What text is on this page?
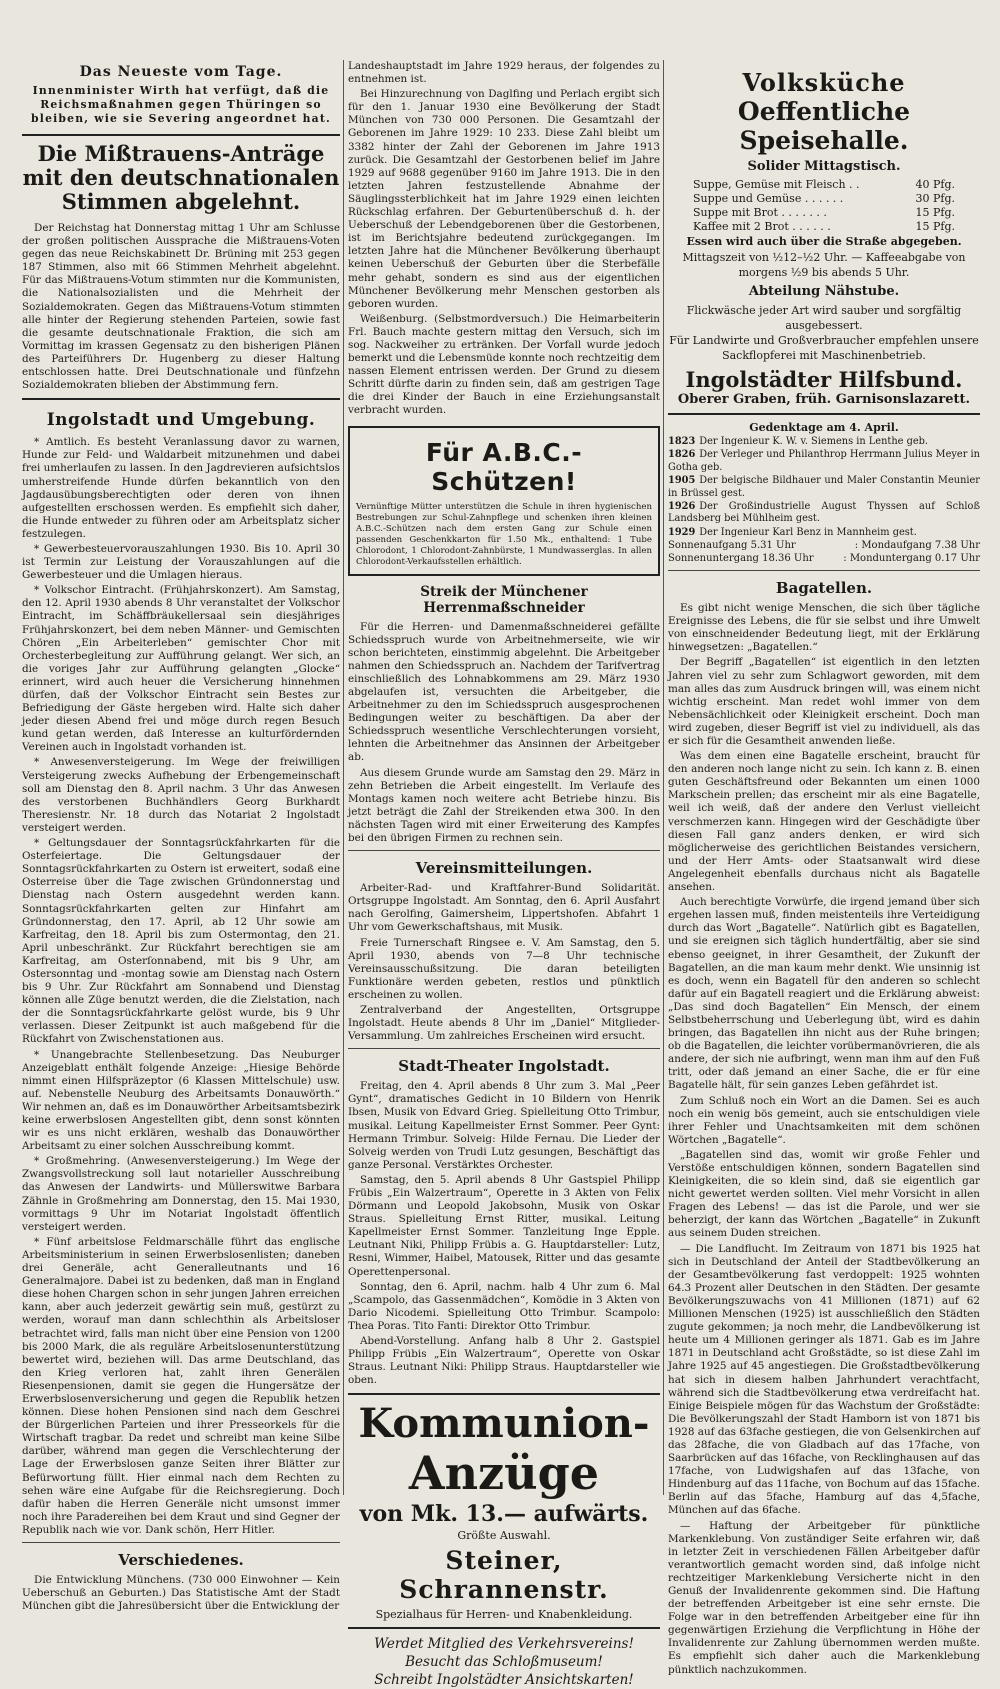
Das Neueste vom Tage.

Innenminister Wirth hat verfügt, daß die Reichsmaßnahmen gegen Thüringen so bleiben, wie sie Severing angeordnet hat.

Die Mißtrauens-Anträge mit den deutschnationalen Stimmen abgelehnt.

Der Reichstag hat Donnerstag mittag 1 Uhr am Schlusse der großen politischen Aussprache die Mißtrauens-Voten gegen das neue Reichskabinett Dr. Brüning mit 253 gegen 187 Stimmen, also mit 66 Stimmen Mehrheit abgelehnt. Für das Mißtrauens-Votum stimmten nur die Kommunisten, die Nationalsozialisten und die Mehrheit der Sozialdemokraten. Gegen das Mißtrauens-Votum stimmten alle hinter der Regierung stehenden Parteien, sowie fast die gesamte deutschnationale Fraktion, die sich am Vormittag im krassen Gegensatz zu den bisherigen Plänen des Parteiführers Dr. Hugenberg zu dieser Haltung entschlossen hatte. Drei Deutschnationale und fünfzehn Sozialdemokraten blieben der Abstimmung fern.

Ingolstadt und Umgebung.

* Amtlich. Es besteht Veranlassung davor zu warnen, Hunde zur Feld- und Waldarbeit mitzunehmen und dabei frei umherlaufen zu lassen. In den Jagdrevieren aufsichtslos umherstreifende Hunde dürfen bekanntlich von den Jagdausübungsberechtigten oder deren von ihnen aufgestellten erschossen werden. Es empfiehlt sich daher, die Hunde entweder zu führen oder am Arbeitsplatz sicher festzulegen.

* Gewerbesteuervorauszahlungen 1930. Bis 10. April 30 ist Termin zur Leistung der Vorauszahlungen auf die Gewerbesteuer und die Umlagen hieraus.

* Volkschor Eintracht. (Frühjahrskonzert). Am Samstag, den 12. April 1930 abends 8 Uhr veranstaltet der Volkschor Eintracht, im Schäffbräukellersaal sein diesjähriges Frühjahrskonzert, bei dem neben Männer- und Gemischten Chören „Ein Arbeiterleben“ gemischter Chor mit Orchesterbegleitung zur Aufführung gelangt. Wer sich, an die voriges Jahr zur Aufführung gelangten „Glocke“ erinnert, wird auch heuer die Versicherung hinnehmen dürfen, daß der Volkschor Eintracht sein Bestes zur Befriedigung der Gäste hergeben wird. Halte sich daher jeder diesen Abend frei und möge durch regen Besuch kund getan werden, daß Interesse an kulturfördernden Vereinen auch in Ingolstadt vorhanden ist.

* Anwesenversteigerung. Im Wege der freiwilligen Versteigerung zwecks Aufhebung der Erbengemeinschaft soll am Dienstag den 8. April nachm. 3 Uhr das Anwesen des verstorbenen Buchhändlers Georg Burkhardt Theresienstr. Nr. 18 durch das Notariat 2 Ingolstadt versteigert werden.

* Geltungsdauer der Sonntagsrückfahrkarten für die Osterfeiertage. Die Geltungsdauer der Sonntagsrückfahrkarten zu Ostern ist erweitert, sodaß eine Osterreise über die Tage zwischen Gründonnerstag und Dienstag nach Ostern ausgedehnt werden kann. Sonntagsrückfahrkarten gelten zur Hinfahrt am Gründonnerstag, den 17. April, ab 12 Uhr sowie am Karfreitag, den 18. April bis zum Ostermontag, den 21. April unbeschränkt. Zur Rückfahrt berechtigen sie am Karfreitag, am Osterſonnabend, mit bis 9 Uhr, am Ostersonntag und -montag sowie am Dienstag nach Ostern bis 9 Uhr. Zur Rückfahrt am Sonnabend und Dienstag können alle Züge benutzt werden, die die Zielstation, nach der die Sonntagsrückfahrkarte gelöst wurde, bis 9 Uhr verlassen. Dieser Zeitpunkt ist auch maßgebend für die Rückfahrt von Zwischenstationen aus.

* Unangebrachte Stellenbesetzung. Das Neuburger Anzeigeblatt enthält folgende Anzeige: „Hiesige Behörde nimmt einen Hilfspräzeptor (6 Klassen Mittelschule) usw. auf. Nebenstelle Neuburg des Arbeitsamts Donauwörth.“ Wir nehmen an, daß es im Donauwörther Arbeitsamtsbezirk keine erwerbslosen Angestellten gibt, denn sonst könnten wir es uns nicht erklären, weshalb das Donauwörther Arbeitsamt zu einer solchen Ausschreibung kommt.

* Großmehring. (Anwesenversteigerung.) Im Wege der Zwangsvollstreckung soll laut notarieller Ausschreibung das Anwesen der Landwirts- und Müllerswitwe Barbara Zähnle in Großmehring am Donnerstag, den 15. Mai 1930, vormittags 9 Uhr im Notariat Ingolstadt öffentlich versteigert werden.

* Fünf arbeitslose Feldmarschälle führt das englische Arbeitsministerium in seinen Erwerbslosenlisten; daneben drei Generäle, acht Generalleutnants und 16 Generalmajore. Dabei ist zu bedenken, daß man in England diese hohen Chargen schon in sehr jungen Jahren erreichen kann, aber auch jederzeit gewärtig sein muß, gestürzt zu werden, worauf man dann schlechthin als Arbeitsloser betrachtet wird, falls man nicht über eine Pension von 1200 bis 2000 Mark, die als reguläre Arbeitslosenunterstützung bewertet wird, beziehen will. Das arme Deutschland, das den Krieg verloren hat, zahlt ihren Generälen Riesenpensionen, damit sie gegen die Hungersätze der Erwerbslosenversicherung und gegen die Republik hetzen können. Diese hohen Pensionen sind nach dem Geschrei der Bürgerlichen Parteien und ihrer Presseorkels für die Wirtschaft tragbar. Da redet und schreibt man keine Silbe darüber, während man gegen die Verschlechterung der Lage der Erwerbslosen ganze Seiten ihrer Blätter zur Befürwortung füllt. Hier einmal nach dem Rechten zu sehen wäre eine Aufgabe für die Reichsregierung. Doch dafür haben die Herren Generäle nicht umsonst immer noch ihre Paradereihen bei dem Kraut und sind Gegner der Republik nach wie vor. Dank schön, Herr Hitler.

Verschiedenes.

Die Entwicklung Münchens. (730 000 Einwohner — Kein Ueberschuß an Geburten.) Das Statistische Amt der Stadt München gibt die Jahresübersicht über die Entwicklung der

Landeshauptstadt im Jahre 1929 heraus, der folgendes zu entnehmen ist.

Bei Hinzurechnung von Daglfing und Perlach ergibt sich für den 1. Januar 1930 eine Bevölkerung der Stadt München von 730 000 Personen. Die Gesamtzahl der Geborenen im Jahre 1929: 10 233. Diese Zahl bleibt um 3382 hinter der Zahl der Geborenen im Jahre 1913 zurück. Die Gesamtzahl der Gestorbenen belief im Jahre 1929 auf 9688 gegenüber 9160 im Jahre 1913. Die in den letzten Jahren festzustellende Abnahme der Säuglingssterblichkeit hat im Jahre 1929 einen leichten Rückschlag erfahren. Der Geburtenüberschuß d. h. der Ueberschuß der Lebendgeborenen über die Gestorbenen, ist im Berichtsjahre bedeutend zurückgegangen. Im letzten Jahre hat die Münchener Bevölkerung überhaupt keinen Ueberschuß der Geburten über die Sterbefälle mehr gehabt, sondern es sind aus der eigentlichen Münchener Bevölkerung mehr Menschen gestorben als geboren wurden.

Weißenburg. (Selbstmordversuch.) Die Heimarbeiterin Frl. Bauch machte gestern mittag den Versuch, sich im sog. Nackweiher zu ertränken. Der Vorfall wurde jedoch bemerkt und die Lebensmüde konnte noch rechtzeitig dem nassen Element entrissen werden. Der Grund zu diesem Schritt dürfte darin zu finden sein, daß am gestrigen Tage die drei Kinder der Bauch in eine Erziehungsanstalt verbracht wurden.

Für A.B.C.-Schützen!

Vernünftige Mütter unterstützen die Schule in ihren hygienischen Bestrebungen zur Schul-Zahnpflege und schenken ihren kleinen A.B.C.-Schützen nach dem ersten Gang zur Schule einen passenden Geschenkkarton für 1.50 Mk., enthaltend: 1 Tube Chlorodont, 1 Chlorodont-Zahnbürste, 1 Mundwasserglas. In allen Chlorodont-Verkaufsstellen erhältlich.

Streik der Münchener Herrenmaßschneider

Für die Herren- und Damenmaßschneiderei gefällte Schiedsspruch wurde von Arbeitnehmerseite, wie wir schon berichteten, einstimmig abgelehnt. Die Arbeitgeber nahmen den Schiedsspruch an. Nachdem der Tarifvertrag einschließlich des Lohnabkommens am 29. März 1930 abgelaufen ist, versuchten die Arbeitgeber, die Arbeitnehmer zu den im Schiedsspruch ausgesprochenen Bedingungen weiter zu beschäftigen. Da aber der Schiedsspruch wesentliche Verschlechterungen vorsieht, lehnten die Arbeitnehmer das Ansinnen der Arbeitgeber ab.

Aus diesem Grunde wurde am Samstag den 29. März in zehn Betrieben die Arbeit eingestellt. Im Verlaufe des Montags kamen noch weitere acht Betriebe hinzu. Bis jetzt beträgt die Zahl der Streikenden etwa 300. In den nächsten Tagen wird mit einer Erweiterung des Kampfes bei den übrigen Firmen zu rechnen sein.

Vereinsmitteilungen.

Arbeiter-Rad- und Kraftfahrer-Bund Solidarität. Ortsgruppe Ingolstadt. Am Sonntag, den 6. April Ausfahrt nach Gerolfing, Gaimersheim, Lippertshofen. Abfahrt 1 Uhr vom Gewerkschaftshaus, mit Musik.

Freie Turnerschaft Ringsee e. V. Am Samstag, den 5. April 1930, abends von 7—8 Uhr technische Vereinsausschußsitzung. Die daran beteiligten Funktionäre werden gebeten, restlos und pünktlich erscheinen zu wollen.

Zentralverband der Angestellten, Ortsgruppe Ingolstadt. Heute abends 8 Uhr im „Daniel“ Mitglieder-Versammlung. Um zahlreiches Erscheinen wird ersucht.

Stadt-Theater Ingolstadt.

Freitag, den 4. April abends 8 Uhr zum 3. Mal „Peer Gynt“, dramatisches Gedicht in 10 Bildern von Henrik Ibsen, Musik von Edvard Grieg. Spielleitung Otto Trimbur, musikal. Leitung Kapellmeister Ernst Sommer. Peer Gynt: Hermann Trimbur. Solveig: Hilde Fernau. Die Lieder der Solveig werden von Trudi Lutz gesungen, Beschäftigt das ganze Personal. Verstärktes Orchester.

Samstag, den 5. April abends 8 Uhr Gastspiel Philipp Frübis „Ein Walzertraum“, Operette in 3 Akten von Felix Dörmann und Leopold Jakobsohn, Musik von Oskar Straus. Spielleitung Ernst Ritter, musikal. Leitung Kapellmeister Ernst Sommer. Tanzleitung Inge Epple. Leutnant Niki, Philipp Frübis a. G. Hauptdarsteller: Lutz, Resni, Wimmer, Haibel, Matousek, Ritter und das gesamte Operettenpersonal.

Sonntag, den 6. April, nachm. halb 4 Uhr zum 6. Mal „Scampolo, das Gassenmädchen“, Komödie in 3 Akten von Dario Nicodemi. Spielleitung Otto Trimbur. Scampolo: Thea Poras. Tito Fanti: Direktor Otto Trimbur.

Abend-Vorstellung. Anfang halb 8 Uhr 2. Gastspiel Philipp Frübis „Ein Walzertraum“, Operette von Oskar Straus. Leutnant Niki: Philipp Straus. Hauptdarsteller wie oben.

Kommunion-
Anzüge
von Mk. 13.— aufwärts.
Größte Auswahl.
Steiner, Schrannenstr.
Spezialhaus für Herren- und Knabenkleidung.
Werdet Mitglied des Verkehrsvereins!
Besucht das Schloßmuseum!
Schreibt Ingolstädter Ansichtskarten!
Volksküche
Oeffentliche Speisehalle.
Solider Mittagstisch.
Suppe, Gemüse mit Fleisch . .	40 Pfg.
Suppe und Gemüse . . . . . .	30 Pfg.
Suppe mit Brot . . . . . . .	15 Pfg.
Kaffee mit 2 Brot . . . . . .	15 Pfg.
Essen wird auch über die Straße abgegeben.
Mittagszeit von ½12–½2 Uhr. — Kaffeeabgabe von morgens ½9 bis abends 5 Uhr.
Abteilung Nähstube.
Flickwäsche jeder Art wird sauber und sorgfältig ausgebessert.
Für Landwirte und Großverbraucher empfehlen unsere Sackflopferei mit Maschinenbetrieb.
Ingolstädter Hilfsbund.
Oberer Graben, früh. Garnisonslazarett.
Gedenktage am 4. April.

1823 Der Ingenieur K. W. v. Siemens in Lenthe geb.

1826 Der Verleger und Philanthrop Herrmann Julius Meyer in Gotha geb.

1905 Der belgische Bildhauer und Maler Constantin Meunier in Brüssel gest.

1926 Der Großindustrielle August Thyssen auf Schloß Landsberg bei Mühlheim gest.

1929 Der Ingenieur Karl Benz in Mannheim gest.

Sonnenaufgang 5.31 Uhr	: Mondaufgang 7.38 Uhr
Sonnenuntergang 18.36 Uhr	: Monduntergang 0.17 Uhr
Bagatellen.

Es gibt nicht wenige Menschen, die sich über tägliche Ereignisse des Lebens, die für sie selbst und ihre Umwelt von einschneidender Bedeutung liegt, mit der Erklärung hinwegsetzen: „Bagatellen.“

Der Begriff „Bagatellen“ ist eigentlich in den letzten Jahren viel zu sehr zum Schlagwort geworden, mit dem man alles das zum Ausdruck bringen will, was einem nicht wichtig erscheint. Man redet wohl immer von dem Nebensächlichkeit oder Kleinigkeit erscheint. Doch man wird zugeben, dieser Begriff ist viel zu individuell, als das er sich für die Gesamtheit anwenden ließe.

Was dem einen eine Bagatelle erscheint, braucht für den anderen noch lange nicht zu sein. Ich kann z. B. einen guten Geschäftsfreund oder Bekannten um einen 1000 Markschein prellen; das erscheint mir als eine Bagatelle, weil ich weiß, daß der andere den Verlust vielleicht verschmerzen kann. Hingegen wird der Geschädigte über diesen Fall ganz anders denken, er wird sich möglicherweise des gerichtlichen Beistandes versichern, und der Herr Amts- oder Staatsanwalt wird diese Angelegenheit ebenfalls durchaus nicht als Bagatelle ansehen.

Auch berechtigte Vorwürfe, die irgend jemand über sich ergehen lassen muß, finden meistenteils ihre Verteidigung durch das Wort „Bagatelle“. Natürlich gibt es Bagatellen, und sie ereignen sich täglich hundertfältig, aber sie sind ebenso geeignet, in ihrer Gesamtheit, der Zukunft der Bagatellen, an die man kaum mehr denkt. Wie unsinnig ist es doch, wenn ein Bagatell für den anderen so schlecht dafür auf ein Bagatell reagiert und die Erklärung abweist: „Das sind doch Bagatellen“ Ein Mensch, der einem Selbstbeherrschung und Ueberlegung übt, wird es dahin bringen, das Bagatellen ihn nicht aus der Ruhe bringen; ob die Bagatellen, die leichter vorübermanövrieren, die als andere, der sich nie aufbringt, wenn man ihm auf den Fuß tritt, oder daß jemand an einer Sache, die er für eine Bagatelle hält, für sein ganzes Leben gefährdet ist.

Zum Schluß noch ein Wort an die Damen. Sei es auch noch ein wenig bös gemeint, auch sie entschuldigen viele ihrer Fehler und Unachtsamkeiten mit dem schönen Wörtchen „Bagatelle“.

„Bagatellen sind das, womit wir große Fehler und Verstöße entschuldigen können, sondern Bagatellen sind Kleinigkeiten, die so klein sind, daß sie eigentlich gar nicht gewertet werden sollten. Viel mehr Vorsicht in allen Fragen des Lebens! — das ist die Parole, und wer sie beherzigt, der kann das Wörtchen „Bagatelle“ in Zukunft aus seinem Duden streichen.

— Die Landflucht. Im Zeitraum von 1871 bis 1925 hat sich in Deutschland der Anteil der Stadtbevölkerung an der Gesamtbevölkerung fast verdoppelt: 1925 wohnten 64.3 Prozent aller Deutschen in den Städten. Der gesamte Bevölkerungszuwachs von 41 Millionen (1871) auf 62 Millionen Menschen (1925) ist ausschließlich den Städten zugute gekommen; ja noch mehr, die Landbevölkerung ist heute um 4 Millionen geringer als 1871. Gab es im Jahre 1871 in Deutschland acht Großstädte, so ist diese Zahl im Jahre 1925 auf 45 angestiegen. Die Großstadtbevölkerung hat sich in diesem halben Jahrhundert verachtfacht, während sich die Stadtbevölkerung etwa verdreifacht hat. Einige Beispiele mögen für das Wachstum der Großstädte: Die Bevölkerungszahl der Stadt Hamborn ist von 1871 bis 1928 auf das 63fache gestiegen, die von Gelsenkirchen auf das 28fache, die von Gladbach auf das 17fache, von Saarbrücken auf das 16fache, von Recklinghausen auf das 17fache, von Ludwigshafen auf das 13fache, von Hindenburg auf das 11fache, von Bochum auf das 15fache. Berlin auf das 5fache, Hamburg auf das 4,5fache, München auf das 6fache.

— Haftung der Arbeitgeber für pünktliche Markenklebung. Von zuständiger Seite erfahren wir, daß in letzter Zeit in verschiedenen Fällen Arbeitgeber dafür verantwortlich gemacht worden sind, daß infolge nicht rechtzeitiger Markenklebung Versicherte nicht in den Genuß der Invalidenrente gekommen sind. Die Haftung der betreffenden Arbeitgeber ist eine sehr ernste. Die Folge war in den betreffenden Arbeitgeber eine für ihn gegenwärtigen Erziehung die Verpflichtung in Höhe der Invalidenrente zur Zahlung übernommen werden mußte. Es empfiehlt sich daher auch die Markenklebung pünktlich nachzukommen.
